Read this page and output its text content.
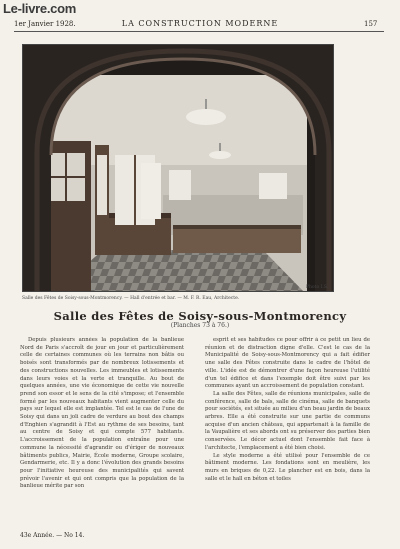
Le-livre.com
1er Janvier 1928.	LA CONSTRUCTION MODERNE	157
Photo I.S.
Salle des Fêtes de Soisy-sous-Montmorency. — Hall d'entrée et bar. — M. F. R. Eau, Architecte.
Salle des Fêtes de Soisy-sous-Montmorency
(Planches 73 à 76.)

Depuis plusieurs années la population de la banlieue Nord de Paris s'accroît de jour en jour et particulièrement celle de certaines communes où les terrains non bâtis ou boisés sont transformés par de nombreux lotissements et des constructions nouvelles. Les immeubles et lotissements dans leurs voies et la verte et tranquille. Au bout de quelques années, une vie économique de cette vie nouvelle prend son essor et le sens de la cité s'impose; et l'ensemble formé par les nouveaux habitants vient augmenter celle du pays sur lequel elle est implantée. Tel est le cas de l'une de Soisy qui dans un joli cadre de verdure au bout des champs d'Enghien s'agrandit à l'Est au rythme de ses besoins, tant au centre de Soisy et qui compte 577 habitants. L'accroissement de la population entraîne pour une commune la nécessité d'agrandir ou d'ériger de nouveaux bâtiments publics, Mairie, École moderne, Groupe scolaire, Gendarmerie, etc. Il y a donc l'évolution des grands besoins pour l'initiative heureuse des municipalités qui savent prévoir l'avenir et qui ont compris que la population de la banlieue mérite par son

esprit et ses habitudes ce pour offrir à ce petit un lieu de réunion et de distraction digne d'elle. C'est le cas de la Municipalité de Soisy-sous-Montmorency qui a fait édifier une salle des Fêtes construite dans le cadre de l'hôtel de ville. L'idée est de démontrer d'une façon heureuse l'utilité d'un tel édifice et dans l'exemple doit être suivi par les communes ayant un accroissement de population constant.

La salle des Fêtes, salle de réunions municipales, salle de conférence, salle de bals, salle de cinéma, salle de banquets pour sociétés, est située au milieu d'un beau jardin de beaux arbres. Elle a été construite sur une partie de communs acquise d'un ancien château, qui appartenait à la famille de la Vaupalière et ses abords ont su préserver des parties bien conservées. Le décor actuel dont l'ensemble fait face à l'architecte, l'emplacement a été bien choisi.

Le style moderne a été utilisé pour l'ensemble de ce bâtiment moderne. Les fondations sont en meulière, les murs en briques de 0,22. Le plancher est en bois, dans la salle et le hall en béton et toiles

43e Année. — No 14.
